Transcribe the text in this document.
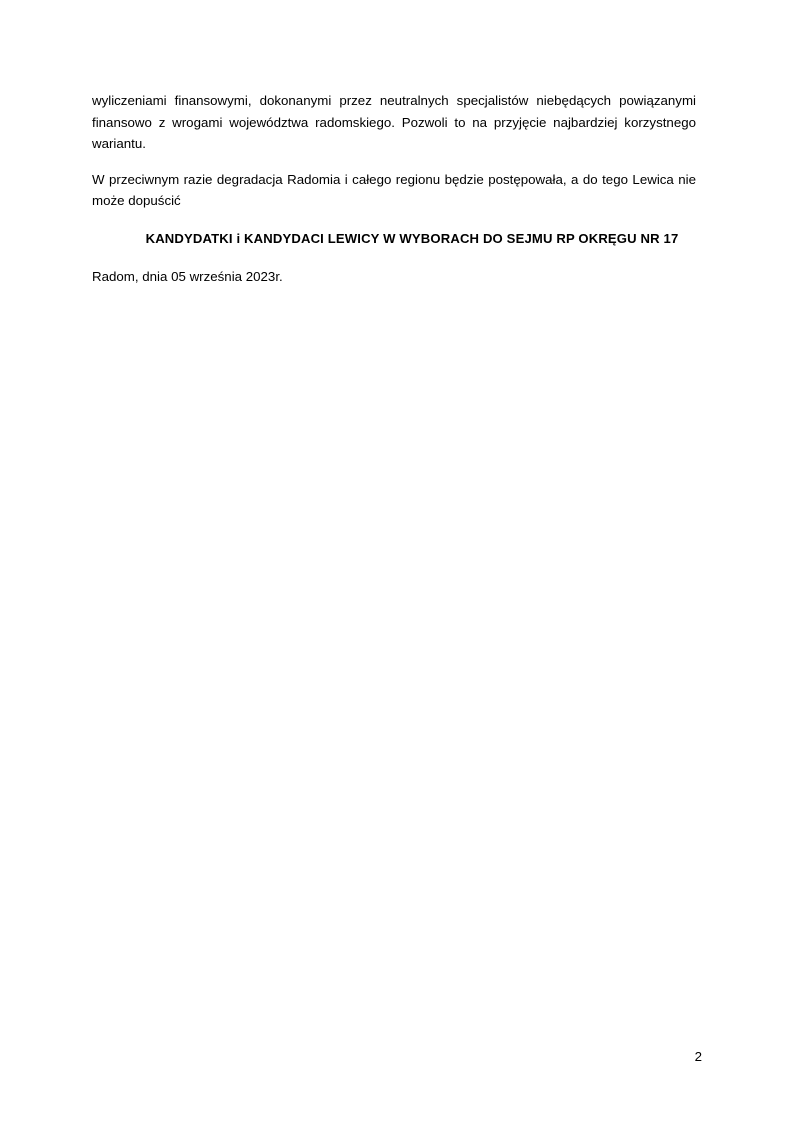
wyliczeniami finansowymi, dokonanymi przez neutralnych specjalistów niebędących powiązanymi finansowo z wrogami województwa radomskiego. Pozwoli to na przyjęcie najbardziej korzystnego wariantu.

W przeciwnym razie degradacja Radomia i całego regionu będzie postępowała, a do tego Lewica nie może dopuścić

KANDYDATKI i KANDYDACI LEWICY W WYBORACH DO SEJMU RP OKRĘGU NR 17

Radom, dnia 05 września 2023r.

2
